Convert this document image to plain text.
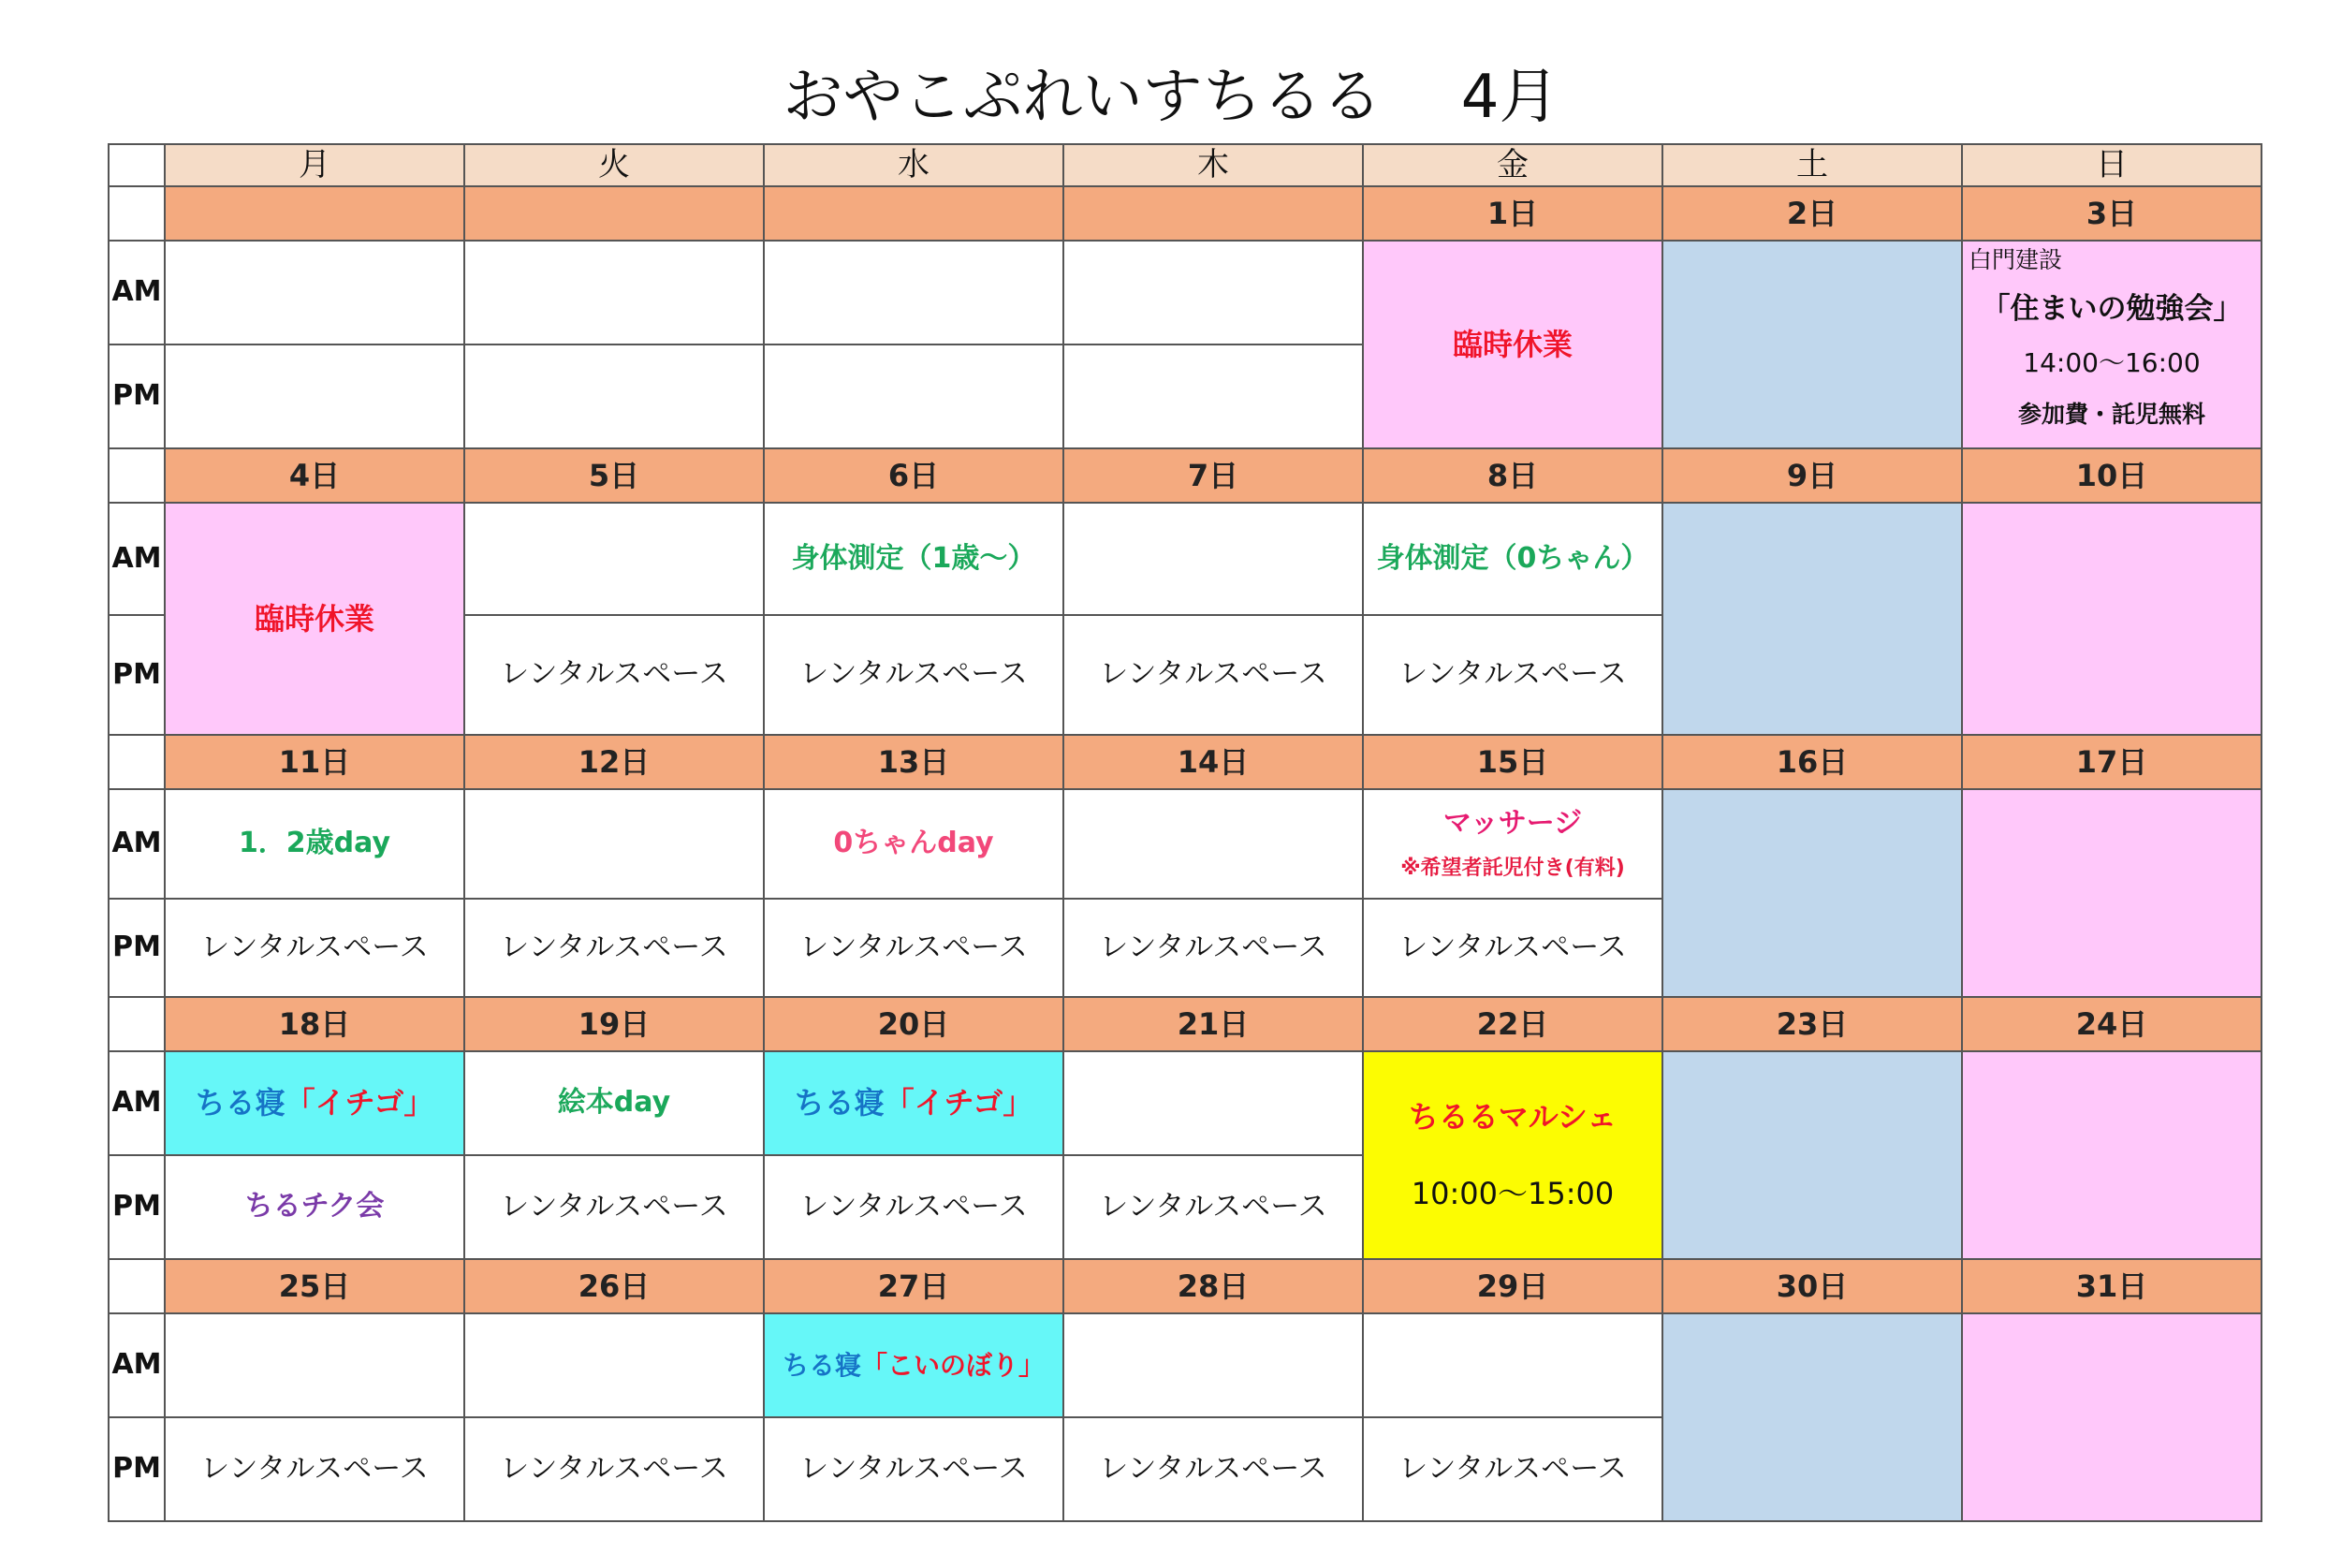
おやこぷれいすちるる　 4月
	月	火	水	木	金	土	日
					1日	2日	3日
AM					臨時休業		白門建設
「住まいの勉強会」
14:00〜16:00
参加費・託児無料

PM							
	4日	5日	6日	7日	8日	9日	10日
AM	臨時休業		身体測定（1歳〜）		身体測定（0ちゃん）		
PM		レンタルスペース	レンタルスペース	レンタルスペース	レンタルスペース		
	11日	12日	13日	14日	15日	16日	17日
AM	1．2歳day		0ちゃんday		マッサージ
※希望者託児付き(有料)		

PM	レンタルスペース	レンタルスペース	レンタルスペース	レンタルスペース	レンタルスペース		
	18日	19日	20日	21日	22日	23日	24日
AM	ちる寝「イチゴ」	絵本day	ちる寝「イチゴ」		ちるるマルシェ
10:00〜15:00		

PM	ちるチク会	レンタルスペース	レンタルスペース	レンタルスペース			
	25日	26日	27日	28日	29日	30日	31日
AM			ちる寝「こいのぼり」				
PM	レンタルスペース	レンタルスペース	レンタルスペース	レンタルスペース	レンタルスペース		
